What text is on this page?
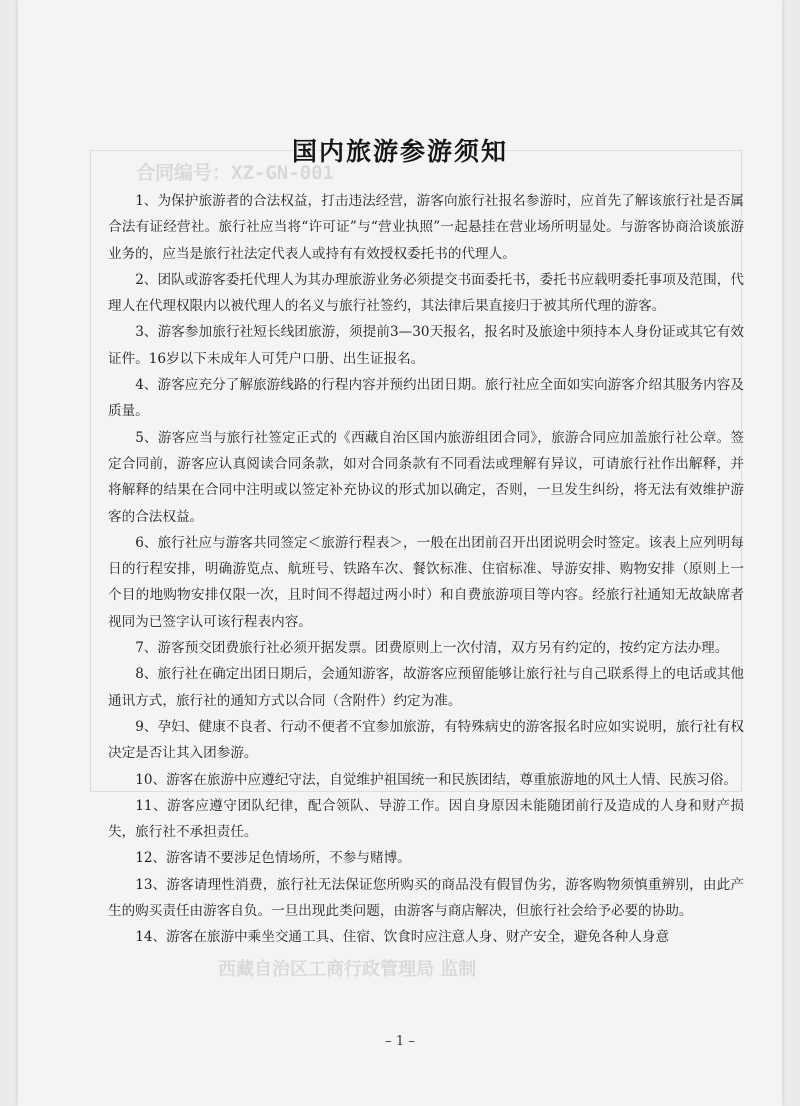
合同编号：XZ-GN-001
西藏自治区工商行政管理局 监制
国内旅游参游须知

1、为保护旅游者的合法权益，打击违法经营，游客向旅行社报名参游时，应首先了解该旅行社是否属合法有证经营社。旅行社应当将“许可证”与“营业执照”一起悬挂在营业场所明显处。与游客协商洽谈旅游业务的，应当是旅行社法定代表人或持有有效授权委托书的代理人。

2、团队或游客委托代理人为其办理旅游业务必须提交书面委托书，委托书应载明委托事项及范围，代理人在代理权限内以被代理人的名义与旅行社签约，其法律后果直接归于被其所代理的游客。

3、游客参加旅行社短长线团旅游，须提前3—30天报名，报名时及旅途中须持本人身份证或其它有效证件。16岁以下未成年人可凭户口册、出生证报名。

4、游客应充分了解旅游线路的行程内容并预约出团日期。旅行社应全面如实向游客介绍其服务内容及质量。

5、游客应当与旅行社签定正式的《西藏自治区国内旅游组团合同》，旅游合同应加盖旅行社公章。签定合同前，游客应认真阅读合同条款，如对合同条款有不同看法或理解有异议，可请旅行社作出解释，并将解释的结果在合同中注明或以签定补充协议的形式加以确定，否则，一旦发生纠纷，将无法有效维护游客的合法权益。

6、旅行社应与游客共同签定＜旅游行程表＞，一般在出团前召开出团说明会时签定。该表上应列明每日的行程安排，明确游览点、航班号、铁路车次、餐饮标准、住宿标准、导游安排、购物安排（原则上一个目的地购物安排仅限一次，且时间不得超过两小时）和自费旅游项目等内容。经旅行社通知无故缺席者视同为已签字认可该行程表内容。

7、游客预交团费旅行社必须开据发票。团费原则上一次付清，双方另有约定的，按约定方法办理。

8、旅行社在确定出团日期后，会通知游客，故游客应预留能够让旅行社与自己联系得上的电话或其他通讯方式，旅行社的通知方式以合同（含附件）约定为准。

9、孕妇、健康不良者、行动不便者不宜参加旅游，有特殊病史的游客报名时应如实说明，旅行社有权决定是否让其入团参游。

10、游客在旅游中应遵纪守法，自觉维护祖国统一和民族团结，尊重旅游地的风土人情、民族习俗。

11、游客应遵守团队纪律，配合领队、导游工作。因自身原因未能随团前行及造成的人身和财产损失，旅行社不承担责任。

12、游客请不要涉足色情场所，不参与赌博。

13、游客请理性消费，旅行社无法保证您所购买的商品没有假冒伪劣，游客购物须慎重辨别，由此产生的购买责任由游客自负。一旦出现此类问题，由游客与商店解决，但旅行社会给予必要的协助。

14、游客在旅游中乘坐交通工具、住宿、饮食时应注意人身、财产安全，避免各种人身意

– 1 –
